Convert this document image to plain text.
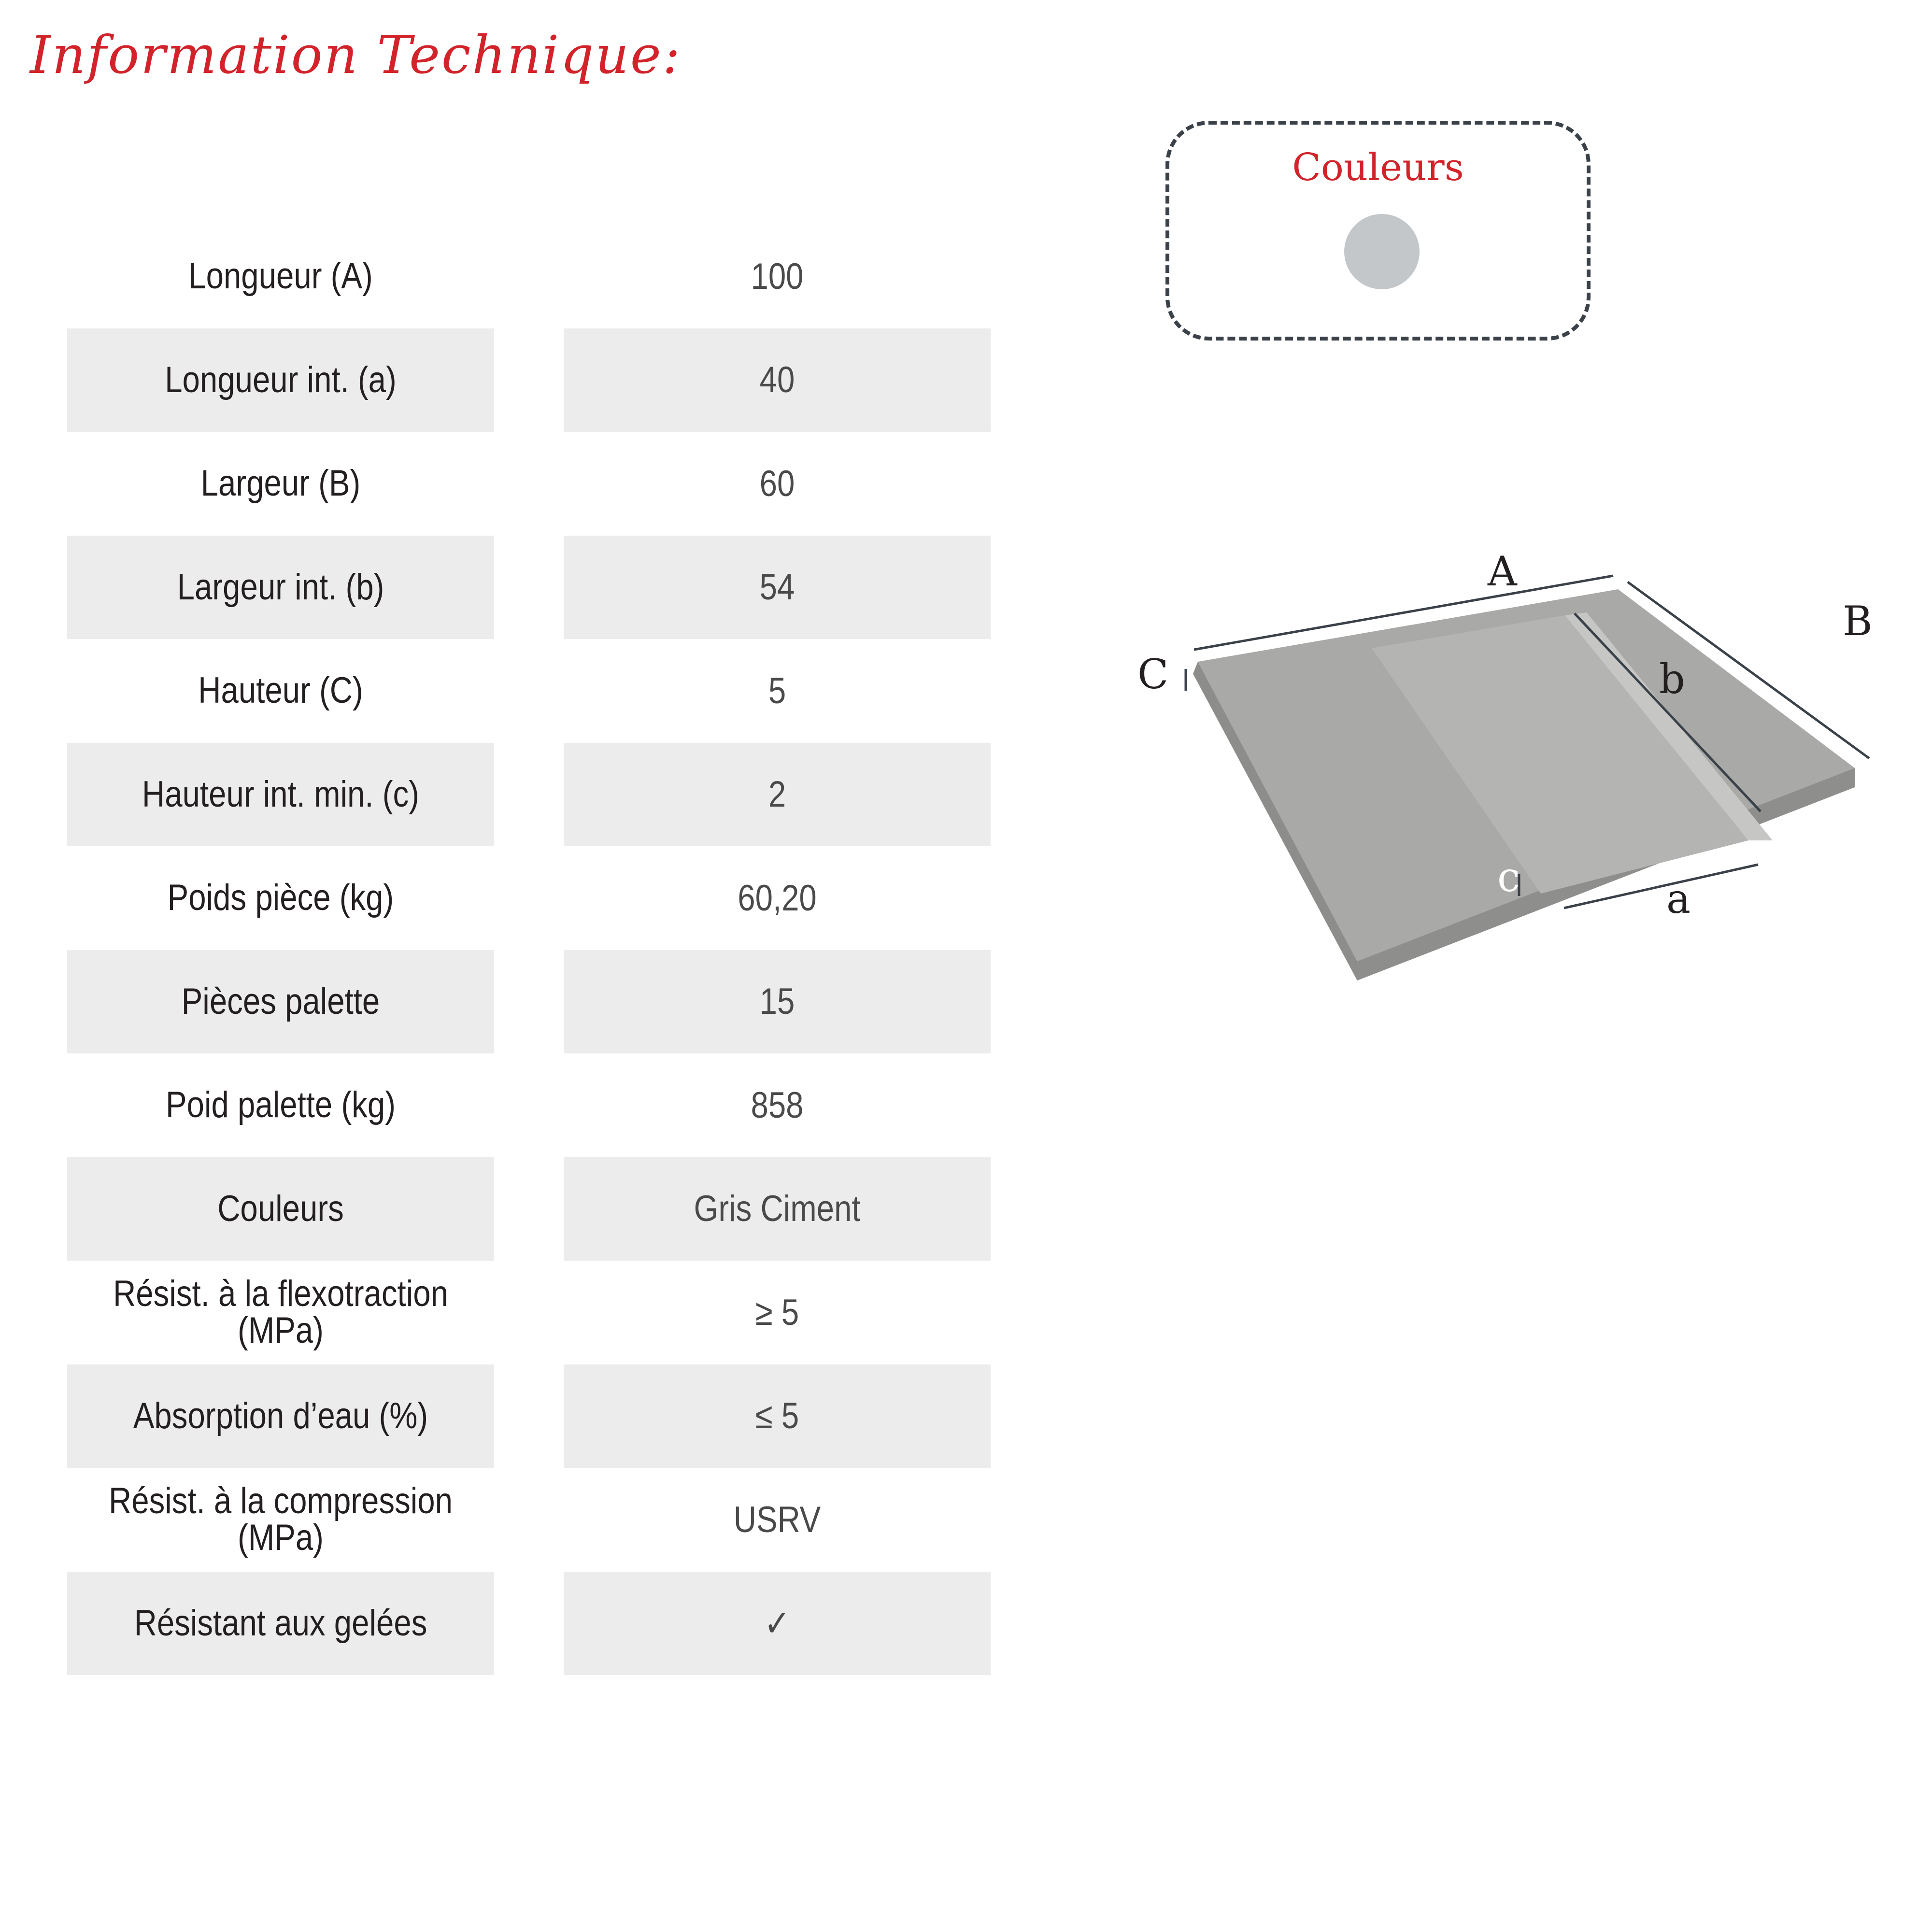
Information Technique:
Longueur (A)	100
Longueur int. (a)	40
Largeur (B)	60
Largeur int. (b)	54
Hauteur (C)	5
Hauteur int. min. (c)	2
Poids pièce (kg)	60,20
Pièces palette	15
Poid palette (kg)	858
Couleurs	Gris Ciment
Résist. à la flexotraction (MPa)	≥ 5
Absorption d’eau (%)	≤ 5
Résist. à la compression (MPa)	USRV
Résistant aux gelées	✓
Couleurs
A
B
b
C
a
c
